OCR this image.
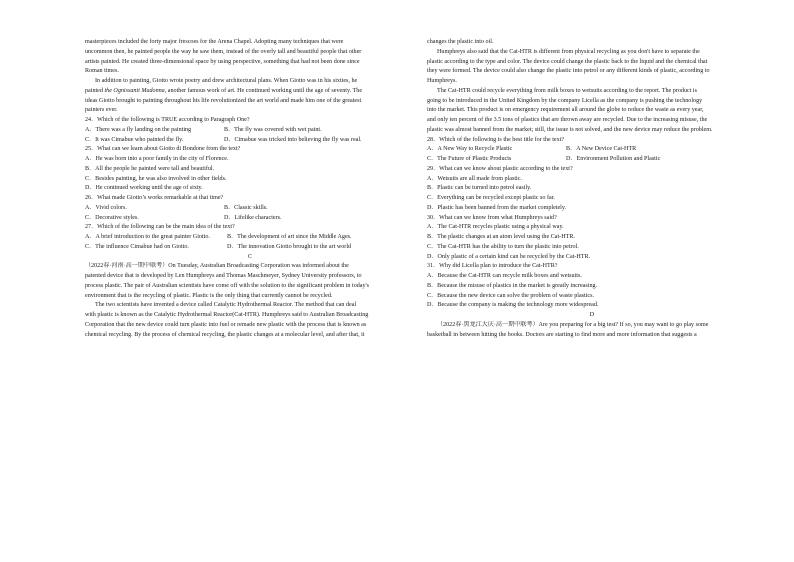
masterpieces included the forty major frescoes for the Arena Chapel. Adopting many techniques that were

uncommon then, he painted people the way he saw them, instead of the overly tall and beautiful people that other

artists painted. He created three-dimensional space by using perspective, something that had not been done since

Roman times.

In addition to painting, Giotto wrote poetry and drew architectural plans. When Giotto was in his sixties, he

painted the Ognissanti Madonna, another famous work of art. He continued working until the age of seventy. The

ideas Giotto brought to painting throughout his life revolutionized the art world and made him one of the greatest

painters ever.

24．Which of the following is TRUE according to Paragraph One?

A．There was a fly landing on the painting	B．The fly was covered with wet paint.

C．It was Cimabue who painted the fly.	D．Cimabue was tricked into believing the fly was real.

25．What can we learn about Giotto di Bondone from the text?

A．He was born into a poor family in the city of Florence.

B．All the people he painted were tall and beautiful.

C．Besides painting, he was also involved in other fields.

D．He continued working until the age of sixty.

26．What made Giotto’s works remarkable at that time?

A．Vivid colors.	B．Classic skills.

C．Decorative styles.	D．Lifelike characters.

27．Which of the following can be the main idea of the text?

A．A brief introduction to the great painter Giotto.	B．The development of art since the Middle Ages.

C．The influence Cimabue had on Giotto.	D．The innovation Giotto brought to the art world

C

（2022春·河南·高一期中联考）On Tuesday, Australian Broadcasting Corporation was informed about the

patented device that is developed by Len Humphreys and Thomas Maschmeyer, Sydney University professors, to

process plastic. The pair of Australian scientists have come off with the solution to the significant problem in today's

environment that is the recycling of plastic. Plastic is the only thing that currently cannot be recycled.

The two scientists have invented a device called Catalytic Hydrothermal Reactor. The method that can deal

with plastic is known as the Catalytic Hydrothermal Reactor(Cat-HTR). Humphreys said to Australian Broadcasting

Corporation that the new device could turn plastic into fuel or remade new plastic with the process that is known as

chemical recycling. By the process of chemical recycling, the plastic changes at a molecular level, and after that, it

changes the plastic into oil.

Humphreys also said that the Cat-HTR is different from physical recycling as you don't have to separate the

plastic according to the type and color. The device could change the plastic back to the liquid and the chemical that

they were formed. The device could also change the plastic into petrol or any different kinds of plastic, according to

Humphreys.

The Cat-HTR could recycle everything from milk boxes to wetsuits according to the report. The product is

going to be introduced in the United Kingdom by the company Licella as the company is pushing the technology

into the market. This product is on emergency requirement all around the globe to reduce the waste as every year,

and only ten percent of the 3.5 tons of plastics that are thrown away are recycled. Due to the increasing misuse, the

plastic was almost banned from the market; still, the issue is not solved, and the new device may reduce the problem.

28．Which of the following is the best title for the text?

A．A New Way to Recycle Plastic	B．A New Device Cat-HTR

C．The Future of Plastic Products	D．Environment Pollution and Plastic

29．What can we know about plastic according to the text?

A．Wetsuits are all made from plastic.

B．Plastic can be turned into petrol easily.

C．Everything can be recycled except plastic so far.

D．Plastic has been banned from the market completely.

30．What can we know from what Humphreys said?

A．The Cat-HTR recycles plastic using a physical way.

B．The plastic changes at an atom level using the Cat-HTR.

C．The Cat-HTR has the ability to turn the plastic into petrol.

D．Only plastic of a certain kind can be recycled by the Cat-HTR.

31．Why did Licella plan to introduce the Cat-HTR?

A．Because the Cat-HTR can recycle milk boxes and wetsuits.

B．Because the misuse of plastics in the market is greatly increasing.

C．Because the new device can solve the problem of waste plastics.

D．Because the company is making the technology more widespread.

D

（2022春·黑龙江大庆·高一期中联考）Are you preparing for a big test? If so, you may want to go play some

basketball in between hitting the books. Doctors are starting to find more and more information that suggests a
